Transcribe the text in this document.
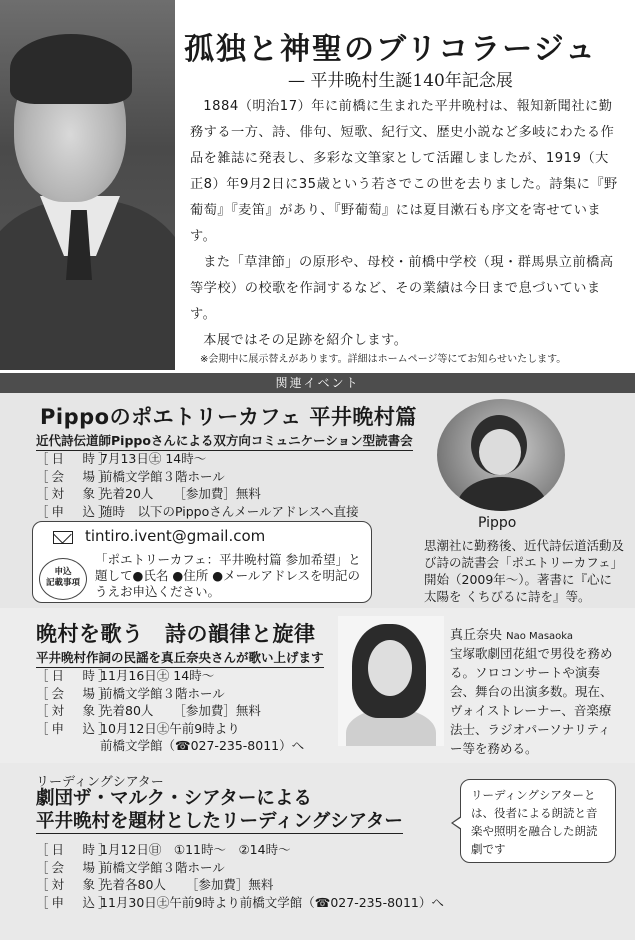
孤独と神聖のブリコラージュ
— 平井晩村生誕140年記念展

1884（明治17）年に前橋に生まれた平井晩村は、報知新聞社に勤務する一方、詩、俳句、短歌、紀行文、歴史小説など多岐にわたる作品を雑誌に発表し、多彩な文筆家として活躍しましたが、1919（大正8）年9月2日に35歳という若さでこの世を去りました。詩集に『野葡萄』『麦笛』があり、『野葡萄』には夏目漱石も序文を寄せています。

また「草津節」の原形や、母校・前橋中学校（現・群馬県立前橋高等学校）の校歌を作詞するなど、その業績は今日まで息づいています。

本展ではその足跡を紹介します。

※会期中に展示替えがあります。詳細はホームページ等にてお知らせいたします。
関連イベント
Pippoのポエトリーカフェ 平井晩村篇
近代詩伝道師Pippoさんによる双方向コミュニケーション型読書会
［日　時］
7月13日㊏ 14時～
［会　場］
前橋文学館３階ホール
［対　象］
先着20人	［参加費］無料
［申　込］
随時　以下のPippoさんメールアドレスへ直接
tintiro.ivent@gmail.com
申込
記載事項
「ポエトリーカフェ：平井晩村篇 参加希望」と題して●氏名 ●住所 ●メールアドレスを明記のうえお申込ください。
Pippo
思潮社に勤務後、近代詩伝道活動及び詩の読書会「ポエトリーカフェ」開始（2009年～）。著書に『心に太陽を くちびるに詩を』等。
晩村を歌う　詩の韻律と旋律
平井晩村作詞の民謡を真丘奈央さんが歌い上げます
［日　時］
11月16日㊏ 14時～
［会　場］
前橋文学館３階ホール
［対　象］
先着80人	［参加費］無料
［申　込］
10月12日㊏午前9時より
前橋文学館（☎027-235-8011）へ
真丘奈央 Nao Masaoka
宝塚歌劇団花組で男役を務める。ソロコンサートや演奏会、舞台の出演多数。現在、ヴォイストレーナー、音楽療法士、ラジオパーソナリティー等を務める。
リーディングシアター
劇団ザ・マルク・シアターによる
平井晩村を題材としたリーディングシアター
リーディングシアターとは、役者による朗読と音楽や照明を融合した朗読劇です
［日　時］
1月12日㊐　①11時～　②14時～
［会　場］
前橋文学館３階ホール
［対　象］
先着各80人	［参加費］無料
［申　込］
11月30日㊏午前9時より前橋文学館（☎027-235-8011）へ
